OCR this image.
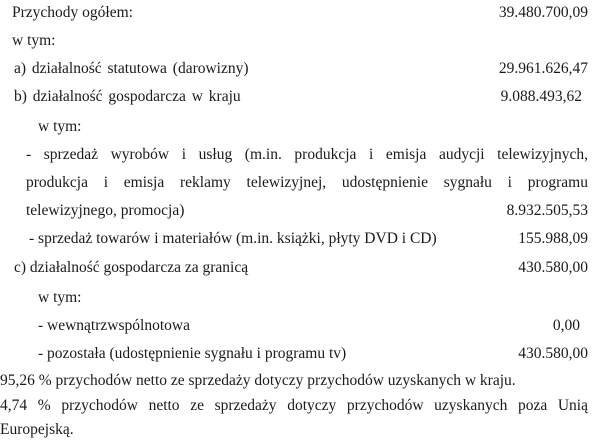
Przychody ogółem:	39.480.700,09
w tym:
a) działalność statutowa (darowizny)	29.961.626,47
b) działalność gospodarcza w kraju	9.088.493,62
w tym:
- sprzedaż wyrobów i usług (m.in. produkcja i emisja audycji telewizyjnych,
produkcja i emisja reklamy telewizyjnej, udostępnienie sygnału i programu
telewizyjnego, promocja)	8.932.505,53
- sprzedaż towarów i materiałów (m.in. książki, płyty DVD i CD)	155.988,09
c) działalność gospodarcza za granicą	430.580,00
w tym:
- wewnątrzwspólnotowa	0,00
- pozostała (udostępnienie sygnału i programu tv)	430.580,00
95,26 % przychodów netto ze sprzedaży dotyczy przychodów uzyskanych w kraju.
4,74 % przychodów netto ze sprzedaży dotyczy przychodów uzyskanych poza Unią
Europejską.
